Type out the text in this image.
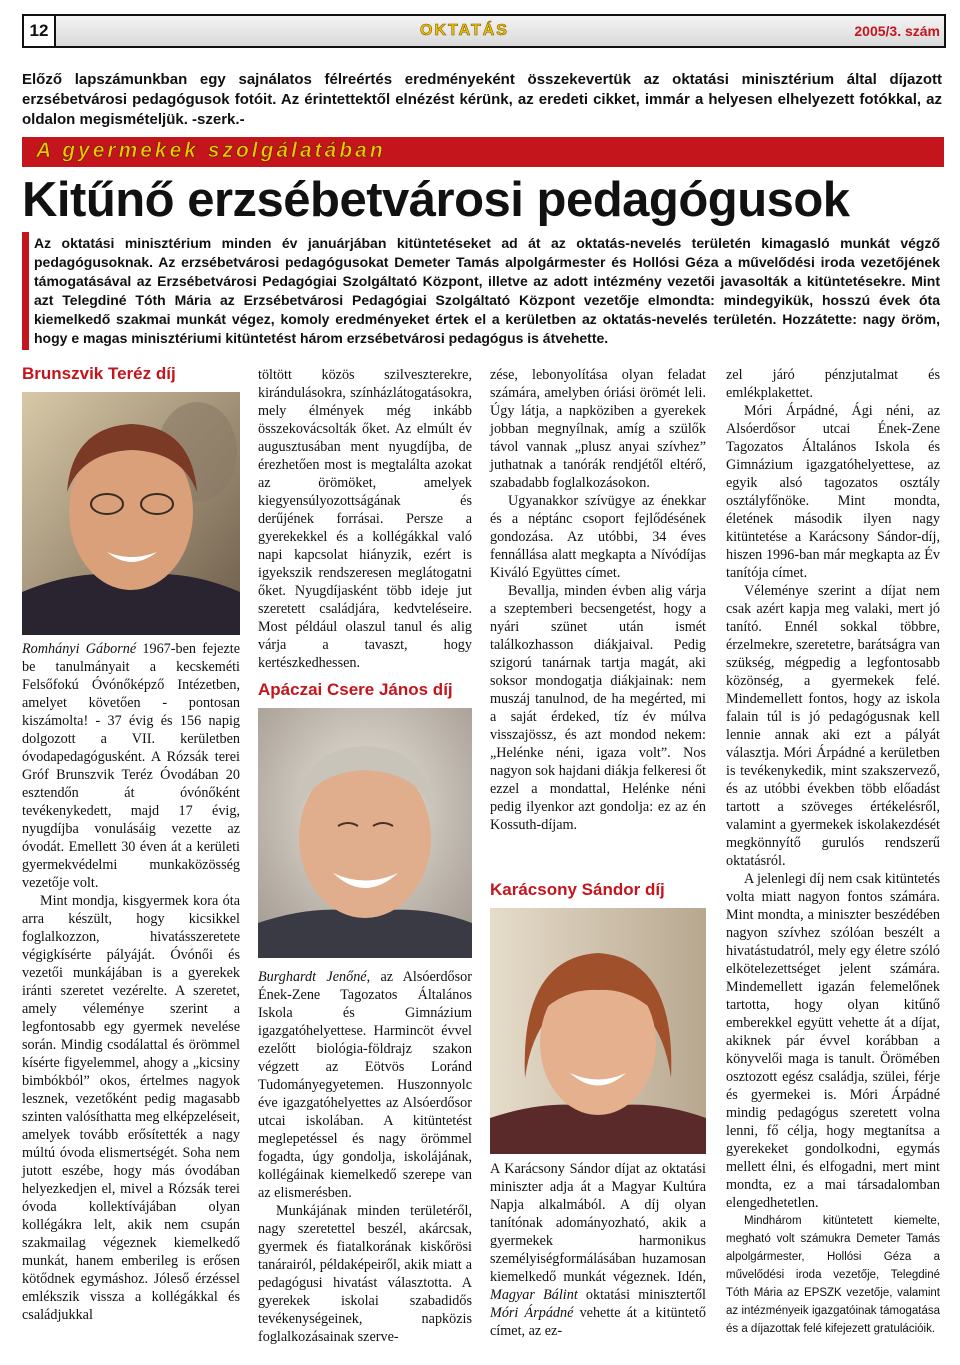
12	OKTATÁS	2005/3. szám
Előző lapszámunkban egy sajnálatos félreértés eredményeként összekevertük az oktatási minisztérium által díjazott erzsébetvárosi pedagógusok fotóit. Az érintettektől elnézést kérünk, az eredeti cikket, immár a helyesen elhelyezett fotókkal, az oldalon megismételjük. -szerk.-
A gyermekek szolgálatában
Kitűnő erzsébetvárosi pedagógusok
Az oktatási minisztérium minden év januárjában kitüntetéseket ad át az oktatás-nevelés területén kimagasló munkát végző pedagógusoknak. Az erzsébetvárosi pedagógusokat Demeter Tamás alpolgármester és Hollósi Géza a művelődési iroda vezetőjének támogatásával az Erzsébetvárosi Pedagógiai Szolgáltató Központ, illetve az adott intézmény vezetői javasolták a kitüntetésekre. Mint azt Telegdiné Tóth Mária az Erzsébetvárosi Pedagógiai Szolgáltató Központ vezetője elmondta: mindegyikük, hosszú évek óta kiemelkedő szakmai munkát végez, komoly eredményeket értek el a kerületben az oktatás-nevelés területén. Hozzátette: nagy öröm, hogy e magas minisztériumi kitüntetést három erzsébetvárosi pedagógus is átvehette.
Brunszvik Teréz díj

Romhányi Gáborné 1967-ben fejezte be tanulmányait a kecskeméti Felsőfokú Óvónőképző Intézetben, amelyet követően - pontosan kiszámolta! - 37 évig és 156 napig dolgozott a VII. kerületben óvodapedagógusként. A Rózsák terei Gróf Brunszvik Teréz Óvodában 20 esztendőn át óvónőként tevékenykedett, majd 17 évig, nyugdíjba vonulásáig vezette az óvodát. Emellett 30 éven át a kerületi gyermekvédelmi munkaközösség vezetője volt.

Mint mondja, kisgyermek kora óta arra készült, hogy kicsikkel foglalkozzon, hivatásszeretete végigkísérte pályáját. Óvónői és vezetői munkájában is a gyerekek iránti szeretet vezérelte. A szeretet, amely véleménye szerint a legfontosabb egy gyermek nevelése során. Mindig csodálattal és örömmel kísérte figyelemmel, ahogy a „kicsiny bimbókból” okos, értelmes nagyok lesznek, vezetőként pedig magasabb szinten valósíthatta meg elképzeléseit, amelyek tovább erősítették a nagy múltú óvoda elismertségét. Soha nem jutott eszébe, hogy más óvodában helyezkedjen el, mivel a Rózsák terei óvoda kollektívájában olyan kollégákra lelt, akik nem csupán szakmailag végeznek kiemelkedő munkát, hanem emberileg is erősen kötődnek egymáshoz. Jóleső érzéssel emlékszik vissza a kollégákkal és családjukkal

töltött közös szilveszterekre, kirándulásokra, színházlátogatásokra, mely élmények még inkább összekovácsolták őket. Az elmúlt év augusztusában ment nyugdíjba, de érezhetően most is megtalálta azokat az örömöket, amelyek kiegyensúlyozottságának és derűjének forrásai. Persze a gyerekekkel és a kollégákkal való napi kapcsolat hiányzik, ezért is igyekszik rendszeresen meglátogatni őket. Nyugdíjasként több ideje jut szeretett családjára, kedvteléseire. Most például olaszul tanul és alig várja a tavaszt, hogy kertészkedhessen.

Apáczai Csere János díj

Burghardt Jenőné, az Alsóerdősor Ének-Zene Tagozatos Általános Iskola és Gimnázium igazgatóhelyettese. Harmincöt évvel ezelőtt biológia-földrajz szakon végzett az Eötvös Loránd Tudományegyetemen. Huszonnyolc éve igazgatóhelyettes az Alsóerdősor utcai iskolában. A kitüntetést meglepetéssel és nagy örömmel fogadta, úgy gondolja, iskolájának, kollégáinak kiemelkedő szerepe van az elismerésben.

Munkájának minden területéről, nagy szeretettel beszél, akárcsak, gyermek és fiatalkorának kiskőrösi tanárairól, példaképeiről, akik miatt a pedagógusi hivatást választotta. A gyerekek iskolai szabadidős tevékenységeinek, napközis foglalkozásainak szerve-

zése, lebonyolítása olyan feladat számára, amelyben óriási örömét leli. Úgy látja, a napköziben a gyerekek jobban megnyílnak, amíg a szülők távol vannak „plusz anyai szívhez” juthatnak a tanórák rendjétől eltérő, szabadabb foglalkozásokon.

Ugyanakkor szívügye az énekkar és a néptánc csoport fejlődésének gondozása. Az utóbbi, 34 éves fennállása alatt megkapta a Nívódíjas Kiváló Együttes címet.

Bevallja, minden évben alig várja a szeptemberi becsengetést, hogy a nyári szünet után ismét találkozhasson diákjaival. Pedig szigorú tanárnak tartja magát, aki soksor mondogatja diákjainak: nem muszáj tanulnod, de ha megérted, mi a saját érdeked, tíz év múlva visszajössz, és azt mondod nekem: „Helénke néni, igaza volt”. Nos nagyon sok hajdani diákja felkeresi őt ezzel a mondattal, Helénke néni pedig ilyenkor azt gondolja: ez az én Kossuth-díjam.

Karácsony Sándor díj

A Karácsony Sándor díjat az oktatási miniszter adja át a Magyar Kultúra Napja alkalmából. A díj olyan tanítónak adományozható, akik a gyermekek harmonikus személyiségformálásában huzamosan kiemelkedő munkát végeznek. Idén, Magyar Bálint oktatási minisztertől Móri Árpádné vehette át a kitüntető címet, az ez-

zel járó pénzjutalmat és emlékplakettet.

Móri Árpádné, Ági néni, az Alsóerdősor utcai Ének-Zene Tagozatos Általános Iskola és Gimnázium igazgatóhelyettese, az egyik alsó tagozatos osztály osztályfőnöke. Mint mondta, életének második ilyen nagy kitüntetése a Karácsony Sándor-díj, hiszen 1996-ban már megkapta az Év tanítója címet.

Véleménye szerint a díjat nem csak azért kapja meg valaki, mert jó tanító. Ennél sokkal többre, érzelmekre, szeretetre, barátságra van szükség, mégpedig a legfontosabb közönség, a gyermekek felé. Mindemellett fontos, hogy az iskola falain túl is jó pedagógusnak kell lennie annak aki ezt a pályát választja. Móri Árpádné a kerületben is tevékenykedik, mint szakszervező, és az utóbbi években több előadást tartott a szöveges értékelésről, valamint a gyermekek iskolakezdését megkönnyítő gurulós rendszerű oktatásról.

A jelenlegi díj nem csak kitüntetés volta miatt nagyon fontos számára. Mint mondta, a miniszter beszédében nagyon szívhez szólóan beszélt a hivatástudatról, mely egy életre szóló elkötelezettséget jelent számára. Mindemellett igazán felemelőnek tartotta, hogy olyan kitűnő emberekkel együtt vehette át a díjat, akiknek pár évvel korábban a könyvelői maga is tanult. Örömében osztozott egész családja, szülei, férje és gyermekei is. Móri Árpádné mindig pedagógus szeretett volna lenni, fő célja, hogy megtanítsa a gyerekeket gondolkodni, egymás mellett élni, és elfogadni, mert mint mondta, ez a mai társadalomban elengedhetetlen.

Mindhárom kitüntetett kiemelte, megható volt számukra Demeter Tamás alpolgármester, Hollósi Géza a művelődési iroda vezetője, Telegdiné Tóth Mária az EPSZK vezetője, valamint az intézményeik igazgatóinak támogatása és a díjazottak felé kifejezett gratulációik.
